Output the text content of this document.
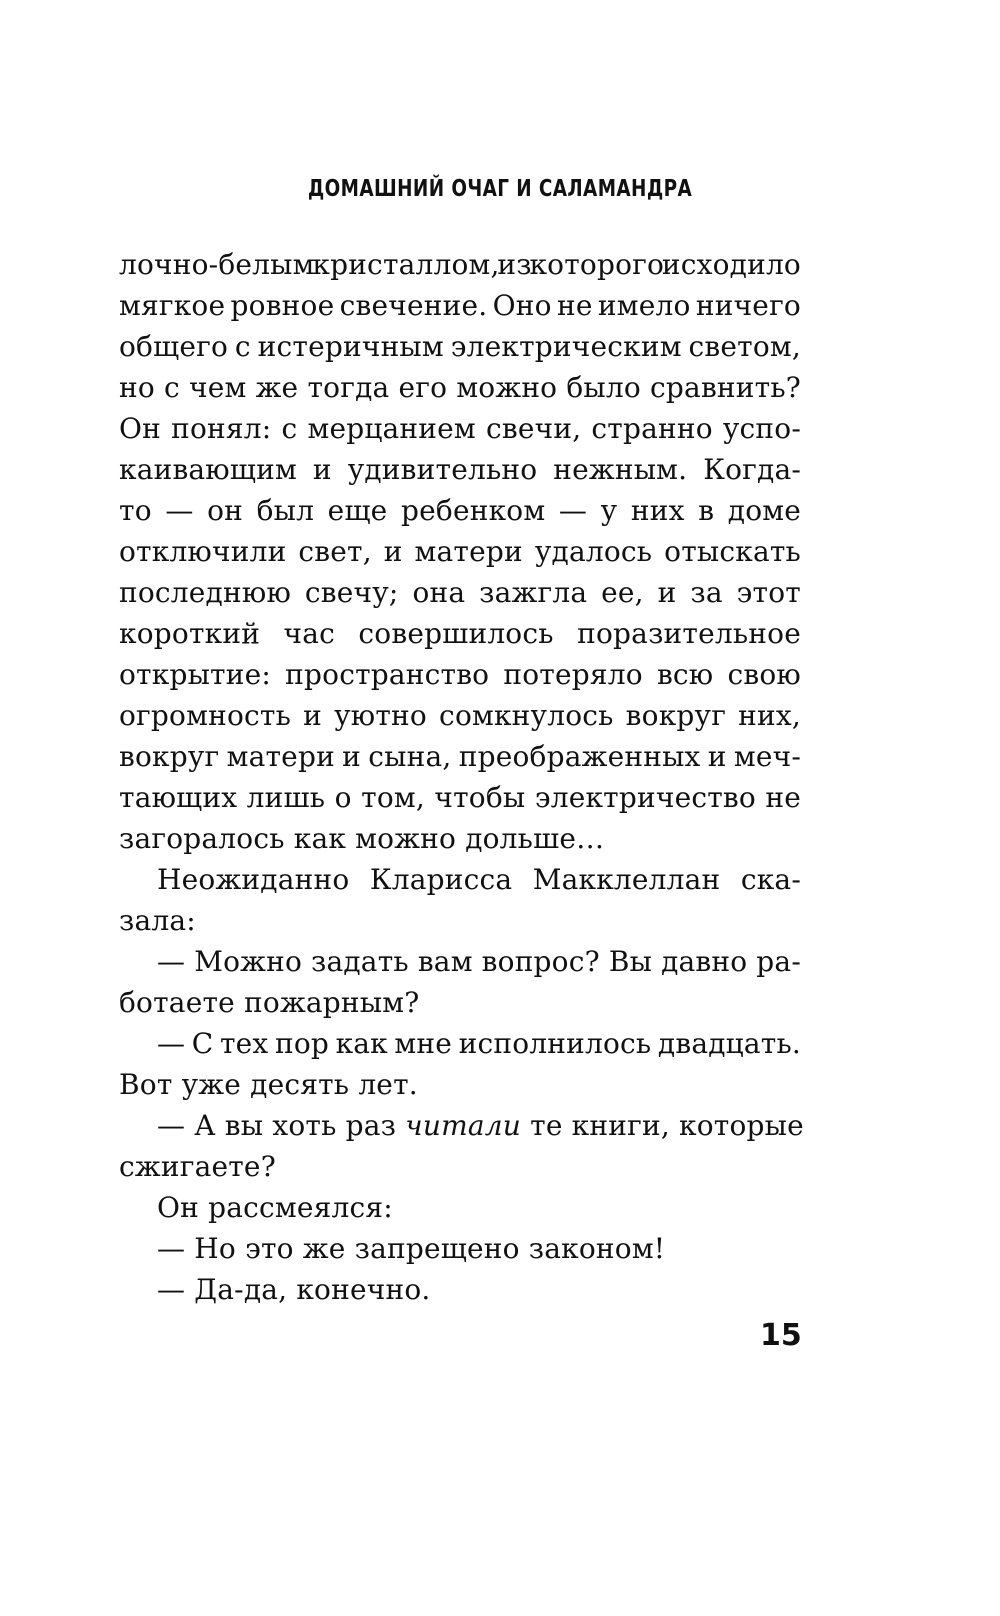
ДОМАШНИЙ ОЧАГ И САЛАМАНДРА
лочно-белым кристаллом, из которого исходило
мягкое ровное свечение. Оно не имело ничего
общего с истеричным электрическим светом,
но с чем же тогда его можно было сравнить?
Он понял: с мерцанием свечи, странно успо-
каивающим и удивительно нежным. Когда-
то — он был еще ребенком — у них в доме
отключили свет, и матери удалось отыскать
последнюю свечу; она зажгла ее, и за этот
короткий час совершилось поразительное
открытие: пространство потеряло всю свою
огромность и уютно сомкнулось вокруг них,
вокруг матери и сына, преображенных и меч-
тающих лишь о том, чтобы электричество не
загоралось как можно дольше…
Неожиданно Кларисса Макклеллан ска-
зала:
— Можно задать вам вопрос? Вы давно ра-
ботаете пожарным?
— С тех пор как мне исполнилось двадцать.
Вот уже десять лет.
— А вы хоть раз читали те книги, которые
сжигаете?
Он рассмеялся:
— Но это же запрещено законом!
— Да-да, конечно.
15
